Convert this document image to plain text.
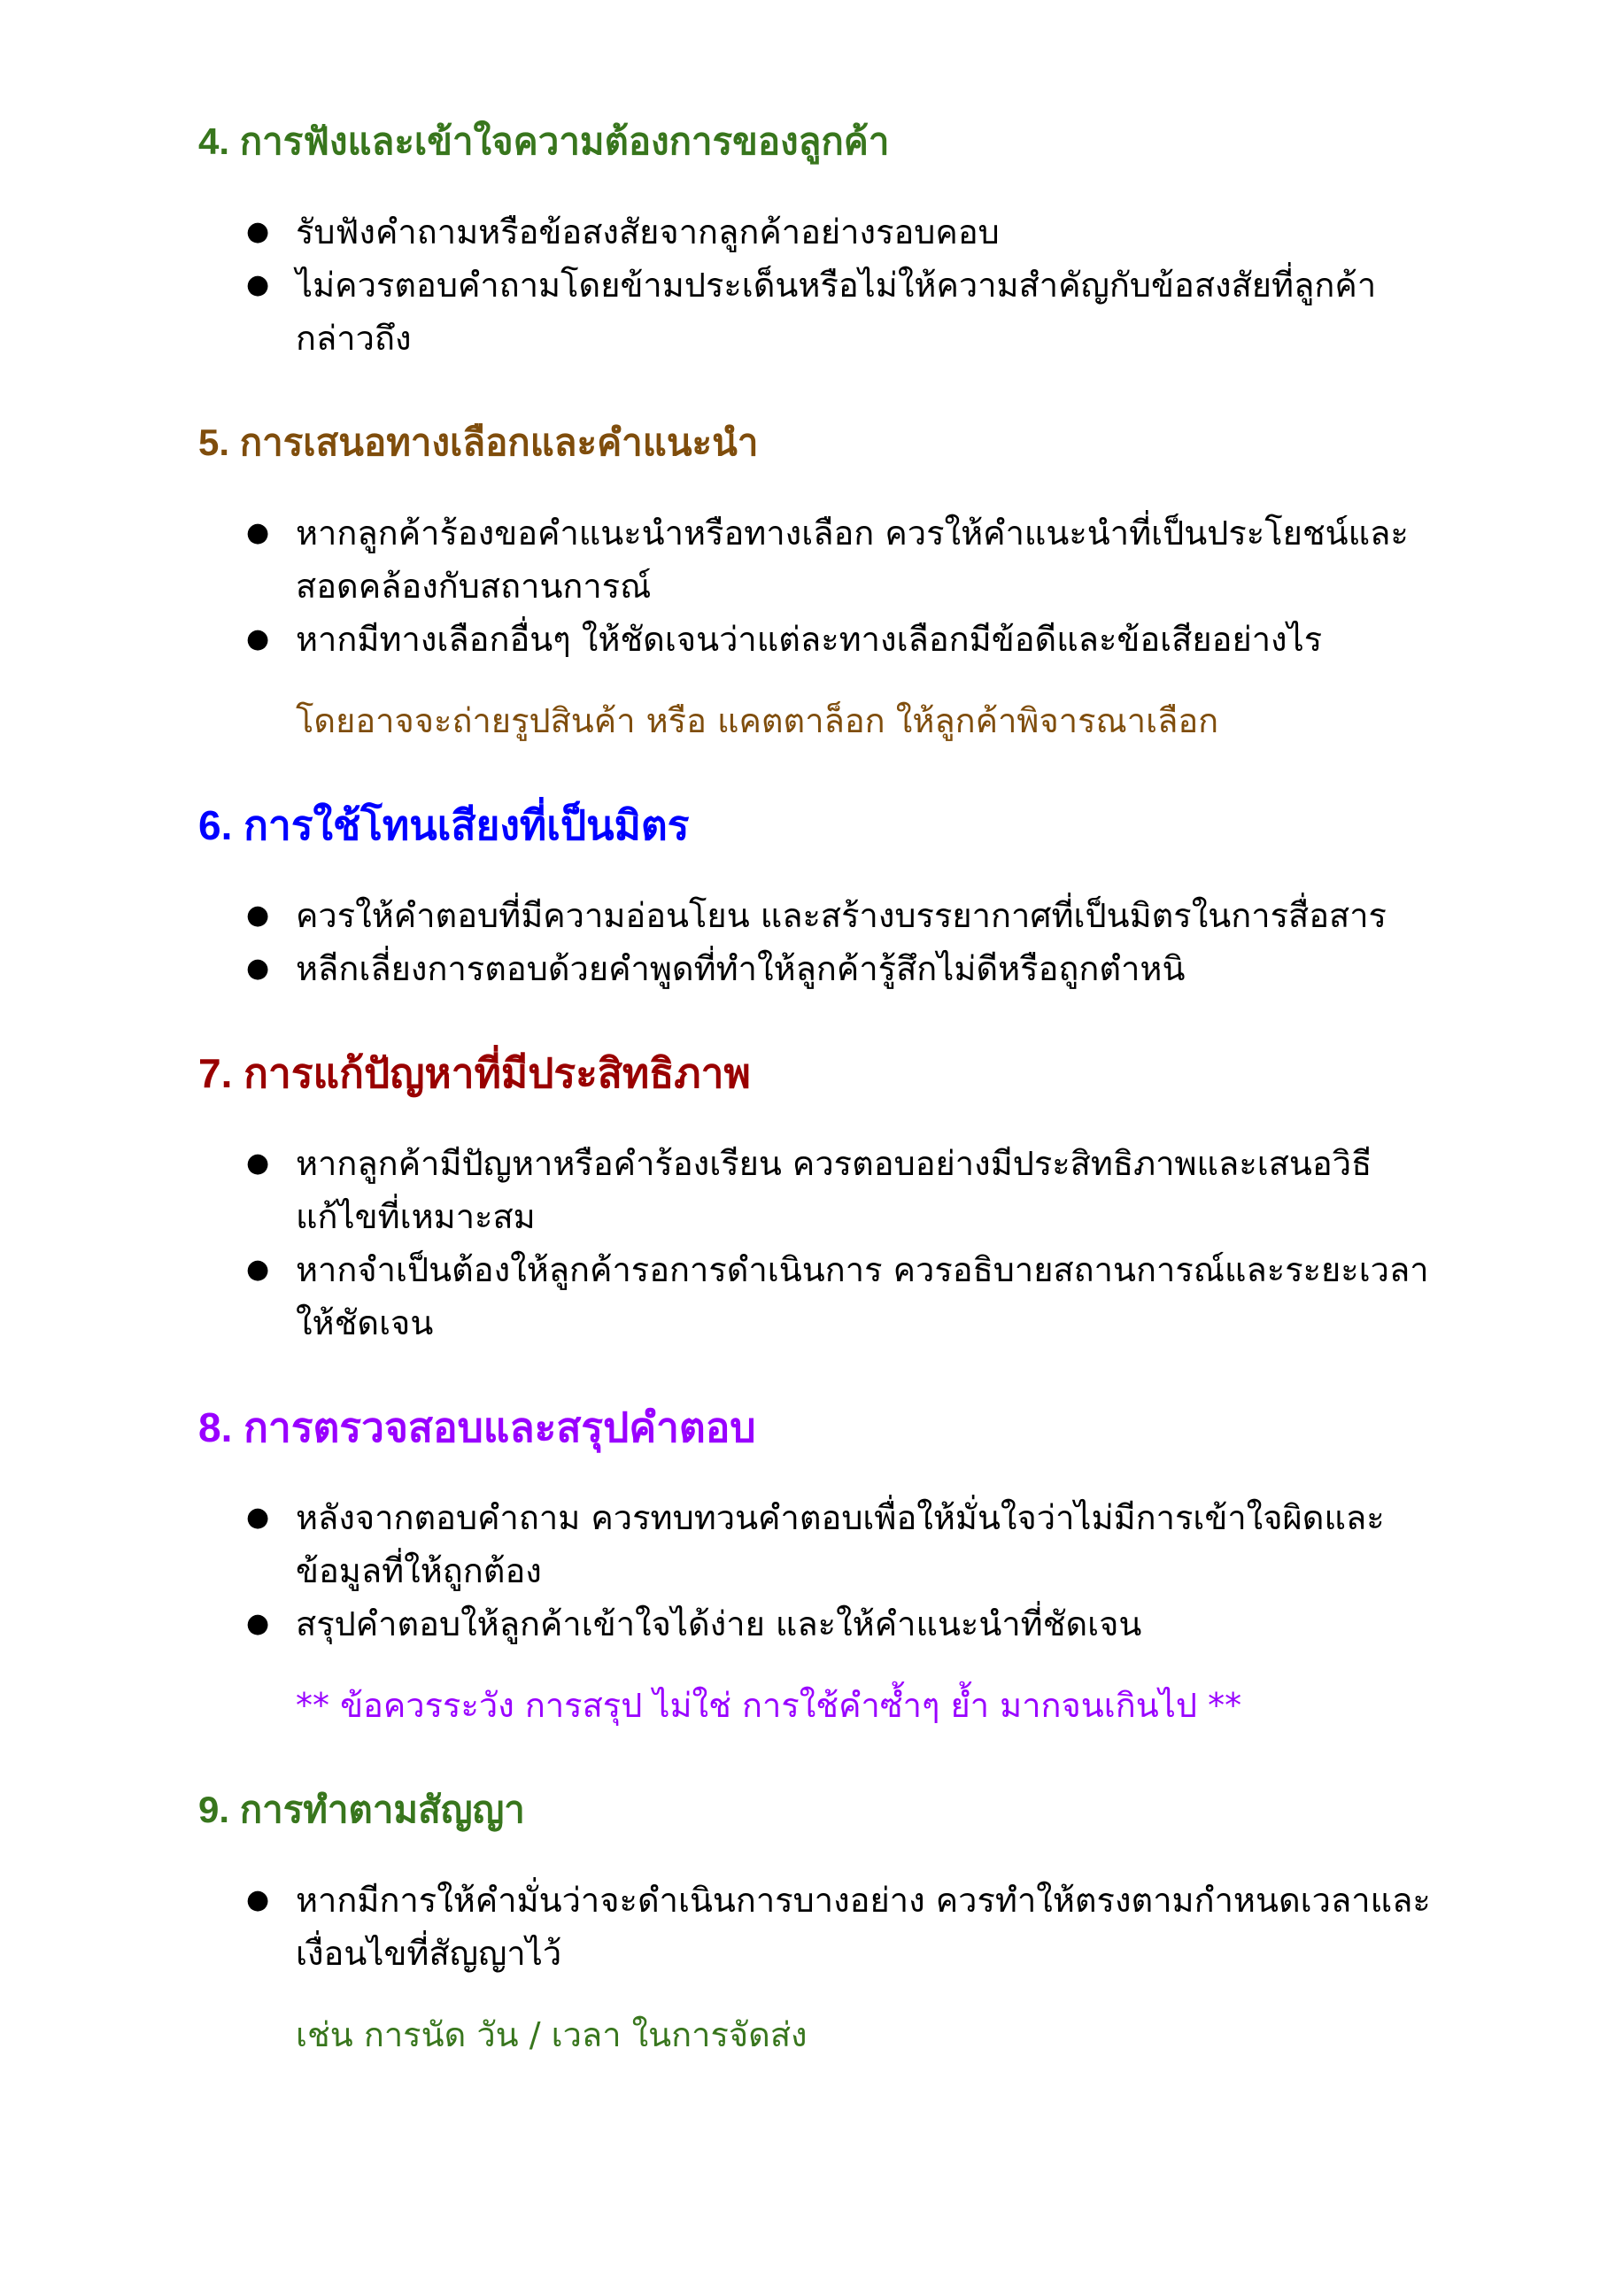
4. การฟังและเข้าใจความต้องการของลูกค้า
● รับฟังคำถามหรือข้อสงสัยจากลูกค้าอย่างรอบคอบ
● ไม่ควรตอบคำถามโดยข้ามประเด็นหรือไม่ให้ความสำคัญกับข้อสงสัยที่ลูกค้ากล่าวถึง
5. การเสนอทางเลือกและคำแนะนำ
● หากลูกค้าร้องขอคำแนะนำหรือทางเลือก ควรให้คำแนะนำที่เป็นประโยชน์และสอดคล้องกับสถานการณ์
● หากมีทางเลือกอื่นๆ ให้ชัดเจนว่าแต่ละทางเลือกมีข้อดีและข้อเสียอย่างไร

โดยอาจจะถ่ายรูปสินค้า หรือ แคตตาล็อก ให้ลูกค้าพิจารณาเลือก

6. การใช้โทนเสียงที่เป็นมิตร
● ควรให้คำตอบที่มีความอ่อนโยน และสร้างบรรยากาศที่เป็นมิตรในการสื่อสาร
● หลีกเลี่ยงการตอบด้วยคำพูดที่ทำให้ลูกค้ารู้สึกไม่ดีหรือถูกตำหนิ
7. การแก้ปัญหาที่มีประสิทธิภาพ
● หากลูกค้ามีปัญหาหรือคำร้องเรียน ควรตอบอย่างมีประสิทธิภาพและเสนอวิธีแก้ไขที่เหมาะสม
● หากจำเป็นต้องให้ลูกค้ารอการดำเนินการ ควรอธิบายสถานการณ์และระยะเวลาให้ชัดเจน
8. การตรวจสอบและสรุปคำตอบ
● หลังจากตอบคำถาม ควรทบทวนคำตอบเพื่อให้มั่นใจว่าไม่มีการเข้าใจผิดและข้อมูลที่ให้ถูกต้อง
● สรุปคำตอบให้ลูกค้าเข้าใจได้ง่าย และให้คำแนะนำที่ชัดเจน

** ข้อควรระวัง การสรุป ไม่ใช่ การใช้คำซ้ำๆ ย้ำ มากจนเกินไป **

9. การทำตามสัญญา
● หากมีการให้คำมั่นว่าจะดำเนินการบางอย่าง ควรทำให้ตรงตามกำหนดเวลาและเงื่อนไขที่สัญญาไว้

เช่น การนัด วัน / เวลา ในการจัดส่ง
